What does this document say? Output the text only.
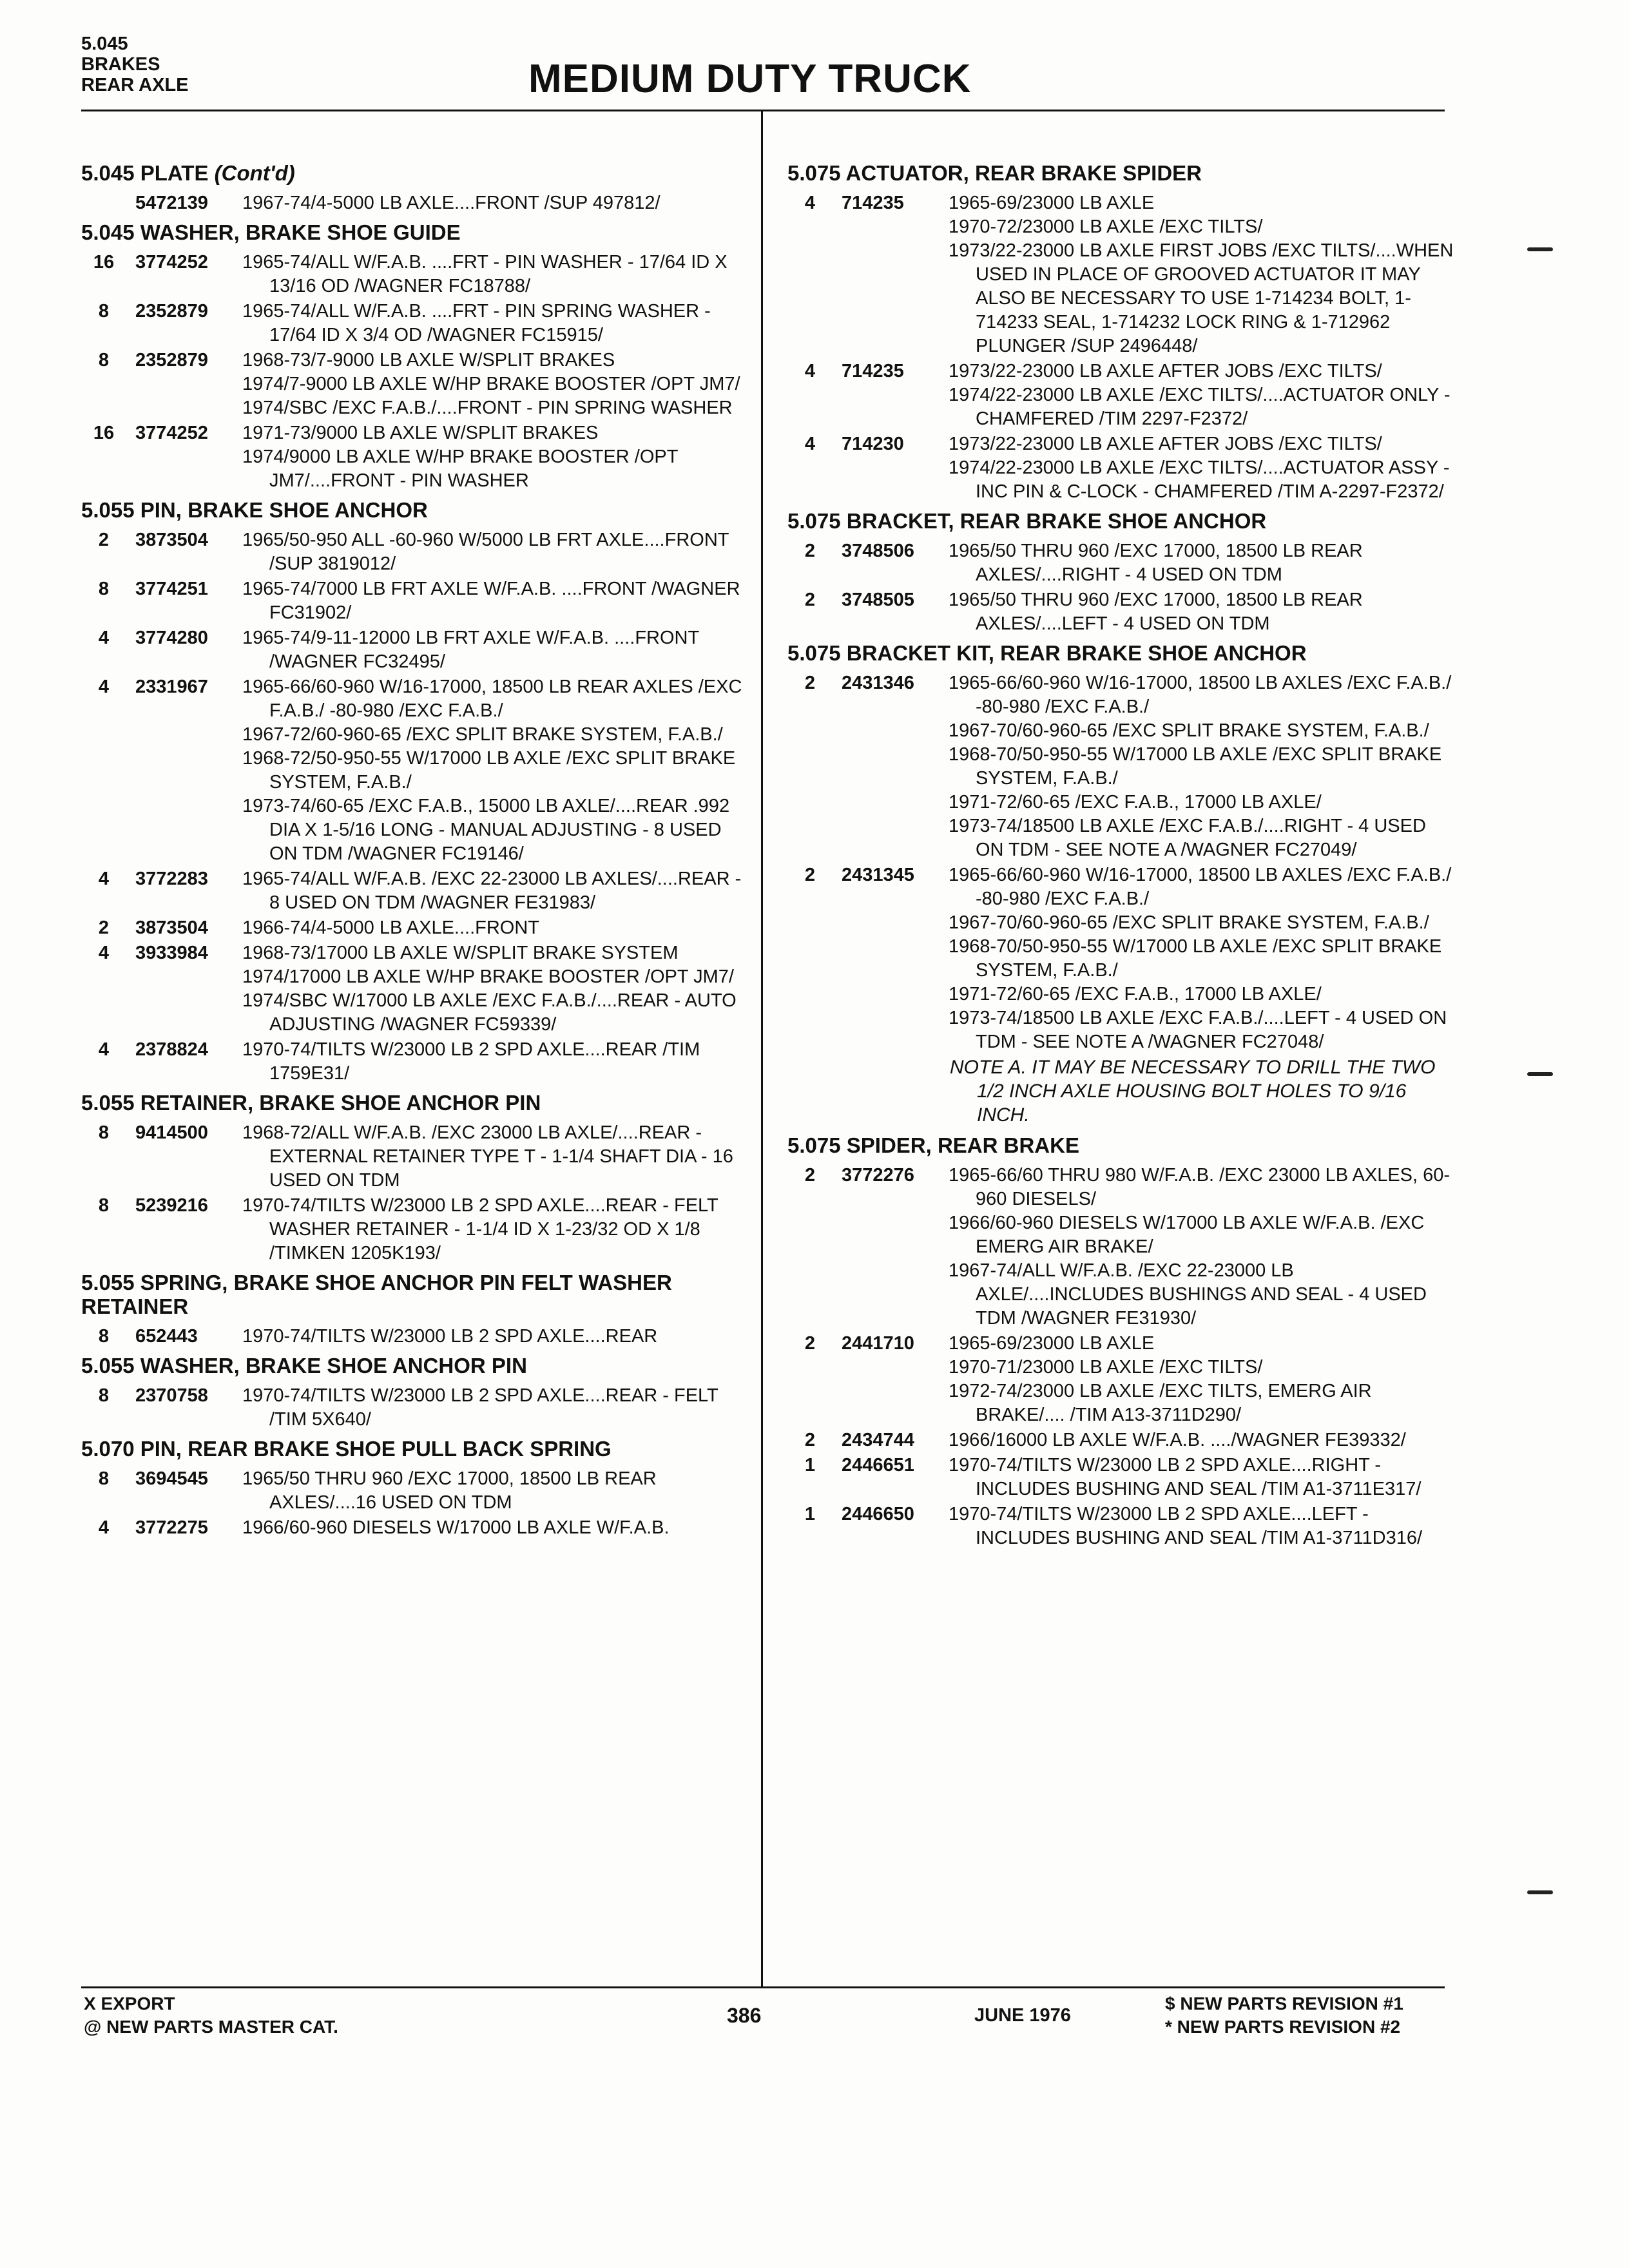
5.045
BRAKES
REAR AXLE	MEDIUM DUTY TRUCK
5.045 PLATE (Cont'd)
5472139	1967-74/4-5000 LB AXLE....FRONT /SUP 497812/
5.045 WASHER, BRAKE SHOE GUIDE
16	3774252	1965-74/ALL W/F.A.B. ....FRT - PIN WASHER - 17/64 ID X 13/16 OD /WAGNER FC18788/
8	2352879	1965-74/ALL W/F.A.B. ....FRT - PIN SPRING WASHER - 17/64 ID X 3/4 OD /WAGNER FC15915/
8	2352879	1968-73/7-9000 LB AXLE W/SPLIT BRAKES
1974/7-9000 LB AXLE W/HP BRAKE BOOSTER /OPT JM7/
1974/SBC /EXC F.A.B./....FRONT - PIN SPRING WASHER
16	3774252	1971-73/9000 LB AXLE W/SPLIT BRAKES
1974/9000 LB AXLE W/HP BRAKE BOOSTER /OPT JM7/....FRONT - PIN WASHER
5.055 PIN, BRAKE SHOE ANCHOR
2	3873504	1965/50-950 ALL -60-960 W/5000 LB FRT AXLE....FRONT /SUP 3819012/
8	3774251	1965-74/7000 LB FRT AXLE W/F.A.B. ....FRONT /WAGNER FC31902/
4	3774280	1965-74/9-11-12000 LB FRT AXLE W/F.A.B. ....FRONT /WAGNER FC32495/
4	2331967	1965-66/60-960 W/16-17000, 18500 LB REAR AXLES /EXC F.A.B./ -80-980 /EXC F.A.B./
1967-72/60-960-65 /EXC SPLIT BRAKE SYSTEM, F.A.B./
1968-72/50-950-55 W/17000 LB AXLE /EXC SPLIT BRAKE SYSTEM, F.A.B./
1973-74/60-65 /EXC F.A.B., 15000 LB AXLE/....REAR .992 DIA X 1-5/16 LONG - MANUAL ADJUSTING - 8 USED ON TDM /WAGNER FC19146/
4	3772283	1965-74/ALL W/F.A.B. /EXC 22-23000 LB AXLES/....REAR - 8 USED ON TDM /WAGNER FE31983/
2	3873504	1966-74/4-5000 LB AXLE....FRONT
4	3933984	1968-73/17000 LB AXLE W/SPLIT BRAKE SYSTEM
1974/17000 LB AXLE W/HP BRAKE BOOSTER /OPT JM7/
1974/SBC W/17000 LB AXLE /EXC F.A.B./....REAR - AUTO ADJUSTING /WAGNER FC59339/
4	2378824	1970-74/TILTS W/23000 LB 2 SPD AXLE....REAR /TIM 1759E31/
5.055 RETAINER, BRAKE SHOE ANCHOR PIN
8	9414500	1968-72/ALL W/F.A.B. /EXC 23000 LB AXLE/....REAR - EXTERNAL RETAINER TYPE T - 1-1/4 SHAFT DIA - 16 USED ON TDM
8	5239216	1970-74/TILTS W/23000 LB 2 SPD AXLE....REAR - FELT WASHER RETAINER - 1-1/4 ID X 1-23/32 OD X 1/8 /TIMKEN 1205K193/
5.055 SPRING, BRAKE SHOE ANCHOR PIN FELT WASHER RETAINER
8	652443	1970-74/TILTS W/23000 LB 2 SPD AXLE....REAR
5.055 WASHER, BRAKE SHOE ANCHOR PIN
8	2370758	1970-74/TILTS W/23000 LB 2 SPD AXLE....REAR - FELT /TIM 5X640/
5.070 PIN, REAR BRAKE SHOE PULL BACK SPRING
8	3694545	1965/50 THRU 960 /EXC 17000, 18500 LB REAR AXLES/....16 USED ON TDM
4	3772275	1966/60-960 DIESELS W/17000 LB AXLE W/F.A.B.
5.075 ACTUATOR, REAR BRAKE SPIDER
4	714235	1965-69/23000 LB AXLE
1970-72/23000 LB AXLE /EXC TILTS/
1973/22-23000 LB AXLE FIRST JOBS /EXC TILTS/....WHEN USED IN PLACE OF GROOVED ACTUATOR IT MAY ALSO BE NECESSARY TO USE 1-714234 BOLT, 1-714233 SEAL, 1-714232 LOCK RING & 1-712962 PLUNGER /SUP 2496448/
4	714235	1973/22-23000 LB AXLE AFTER JOBS /EXC TILTS/
1974/22-23000 LB AXLE /EXC TILTS/....ACTUATOR ONLY - CHAMFERED /TIM 2297-F2372/
4	714230	1973/22-23000 LB AXLE AFTER JOBS /EXC TILTS/
1974/22-23000 LB AXLE /EXC TILTS/....ACTUATOR ASSY - INC PIN & C-LOCK - CHAMFERED /TIM A-2297-F2372/
5.075 BRACKET, REAR BRAKE SHOE ANCHOR
2	3748506	1965/50 THRU 960 /EXC 17000, 18500 LB REAR AXLES/....RIGHT - 4 USED ON TDM
2	3748505	1965/50 THRU 960 /EXC 17000, 18500 LB REAR AXLES/....LEFT - 4 USED ON TDM
5.075 BRACKET KIT, REAR BRAKE SHOE ANCHOR
2	2431346	1965-66/60-960 W/16-17000, 18500 LB AXLES /EXC F.A.B./ -80-980 /EXC F.A.B./
1967-70/60-960-65 /EXC SPLIT BRAKE SYSTEM, F.A.B./
1968-70/50-950-55 W/17000 LB AXLE /EXC SPLIT BRAKE SYSTEM, F.A.B./
1971-72/60-65 /EXC F.A.B., 17000 LB AXLE/
1973-74/18500 LB AXLE /EXC F.A.B./....RIGHT - 4 USED ON TDM - SEE NOTE A /WAGNER FC27049/
2	2431345	1965-66/60-960 W/16-17000, 18500 LB AXLES /EXC F.A.B./ -80-980 /EXC F.A.B./
1967-70/60-960-65 /EXC SPLIT BRAKE SYSTEM, F.A.B./
1968-70/50-950-55 W/17000 LB AXLE /EXC SPLIT BRAKE SYSTEM, F.A.B./
1971-72/60-65 /EXC F.A.B., 17000 LB AXLE/
1973-74/18500 LB AXLE /EXC F.A.B./....LEFT - 4 USED ON TDM - SEE NOTE A /WAGNER FC27048/
NOTE A. IT MAY BE NECESSARY TO DRILL THE TWO 1/2 INCH AXLE HOUSING BOLT HOLES TO 9/16 INCH.
5.075 SPIDER, REAR BRAKE
2	3772276	1965-66/60 THRU 980 W/F.A.B. /EXC 23000 LB AXLES, 60-960 DIESELS/
1966/60-960 DIESELS W/17000 LB AXLE W/F.A.B. /EXC EMERG AIR BRAKE/
1967-74/ALL W/F.A.B. /EXC 22-23000 LB AXLE/....INCLUDES BUSHINGS AND SEAL - 4 USED TDM /WAGNER FE31930/
2	2441710	1965-69/23000 LB AXLE
1970-71/23000 LB AXLE /EXC TILTS/
1972-74/23000 LB AXLE /EXC TILTS, EMERG AIR BRAKE/.... /TIM A13-3711D290/
2	2434744	1966/16000 LB AXLE W/F.A.B. ..../WAGNER FE39332/
1	2446651	1970-74/TILTS W/23000 LB 2 SPD AXLE....RIGHT - INCLUDES BUSHING AND SEAL /TIM A1-3711E317/
1	2446650	1970-74/TILTS W/23000 LB 2 SPD AXLE....LEFT - INCLUDES BUSHING AND SEAL /TIM A1-3711D316/
X EXPORT
@ NEW PARTS MASTER CAT.	386	JUNE 1976
$ NEW PARTS REVISION #1
* NEW PARTS REVISION #2
